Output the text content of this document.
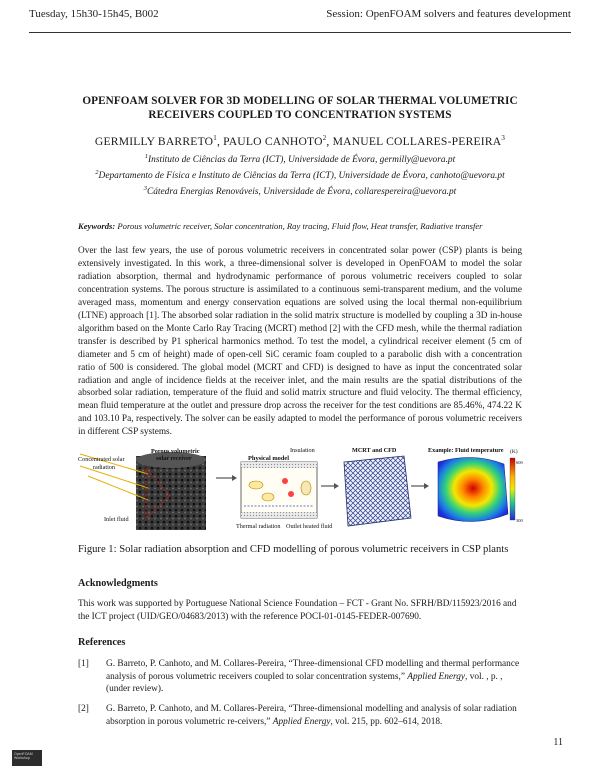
Tuesday, 15h30-15h45, B002	Session: OpenFOAM solvers and features development
OPENFOAM SOLVER FOR 3D MODELLING OF SOLAR THERMAL VOLUMETRIC
RECEIVERS COUPLED TO CONCENTRATION SYSTEMS
GERMILLY BARRETO$^1$, PAULO CANHOTO$^2$, MANUEL COLLARES-PEREIRA$^3$
$^1$Instituto de Ciências da Terra (ICT), Universidade de Évora, germilly@uevora.pt
$^2$Departamento de Física e Instituto de Ciências da Terra (ICT), Universidade de Évora, canhoto@uevora.pt
$^3$Cátedra Energias Renováveis, Universidade de Évora, collarespereira@uevora.pt
Keywords: Porous volumetric receiver, Solar concentration, Ray tracing, Fluid flow, Heat transfer, Radiative transfer
Over the last few years, the use of porous volumetric receivers in concentrated solar power (CSP) plants is being extensively investigated. In this work, a three-dimensional solver is developed in OpenFOAM to model the solar radiation absorption, thermal and hydrodynamic performance of porous volumetric receivers coupled to solar concentration systems. The porous structure is assimilated to a continuous semi-transparent medium, and the volume averaged mass, momentum and energy conservation equations are solved using the local thermal non-equilibrium (LTNE) approach [1]. The absorbed solar radiation in the solid matrix structure is modelled by coupling a 3D in-house algorithm based on the Monte Carlo Ray Tracing (MCRT) method [2] with the CFD mesh, while the thermal radiation transfer is described by P1 spherical harmonics method. To test the model, a cylindrical receiver element (5 cm of diameter and 5 cm of height) made of open-cell SiC ceramic foam coupled to a parabolic dish with a concentration ratio of 500 is considered. The global model (MCRT and CFD) is designed to have as input the concentrated solar radiation and angle of incidence fields at the receiver inlet, and the main results are the spatial distributions of the absorbed solar radiation, temperature of the fluid and solid matrix structure and fluid velocity. The thermal efficiency, mean fluid temperature at the outlet and pressure drop across the receiver for the test conditions are 85.46%, 474.22 K and 103.10 Pa, respectively. The solver can be easily adapted to model the performance of porous volumetric receivers in different CSP systems.
Concentrated solar
radiation
Porous volumetric
solar receiver
Inlet fluid
Physical model
Insulation
Thermal radiation Outlet heated fluid
MCRT and CFD	Example: Fluid temperature (K)
600
300
Figure 1: Solar radiation absorption and CFD modelling of porous volumetric receivers in CSP plants
Acknowledgments
This work was supported by Portuguese National Science Foundation – FCT - Grant No. SFRH/BD/115923/2016 and the ICT project (UID/GEO/04683/2013) with the reference POCI-01-0145-FEDER-007690.
References
[1] G. Barreto, P. Canhoto, and M. Collares-Pereira, “Three-dimensional CFD modelling and thermal performance analysis of porous volumetric receivers coupled to solar concentration systems,” Applied Energy, vol. , p. , (under review).
[2] G. Barreto, P. Canhoto, and M. Collares-Pereira, “Three-dimensional modelling and analysis of solar radiation absorption in porous volumetric re-ceivers,” Applied Energy, vol. 215, pp. 602–614, 2018.
11
OpenFOAM Workshop
